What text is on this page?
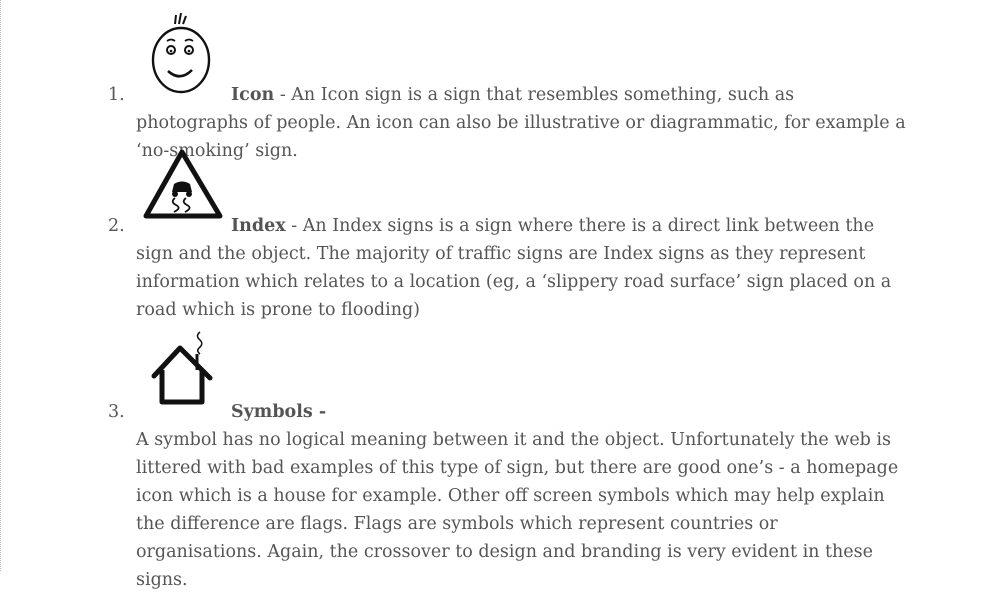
1.	Icon - An Icon sign is a sign that resembles something, such as photographs of people. An icon can also be illustrative or diagrammatic, for example a ‘no-smoking’ sign.

2.	Index - An Index signs is a sign where there is a direct link between the sign and the object. The majority of traffic signs are Index signs as they represent information which relates to a location (eg, a ‘slippery road surface’ sign placed on a road which is prone to flooding)

3.	Symbols -

A symbol has no logical meaning between it and the object. Unfortunately the web is littered with bad examples of this type of sign, but there are good one’s - a homepage icon which is a house for example. Other off screen symbols which may help explain the difference are flags. Flags are symbols which represent countries or organisations. Again, the crossover to design and branding is very evident in these signs.
